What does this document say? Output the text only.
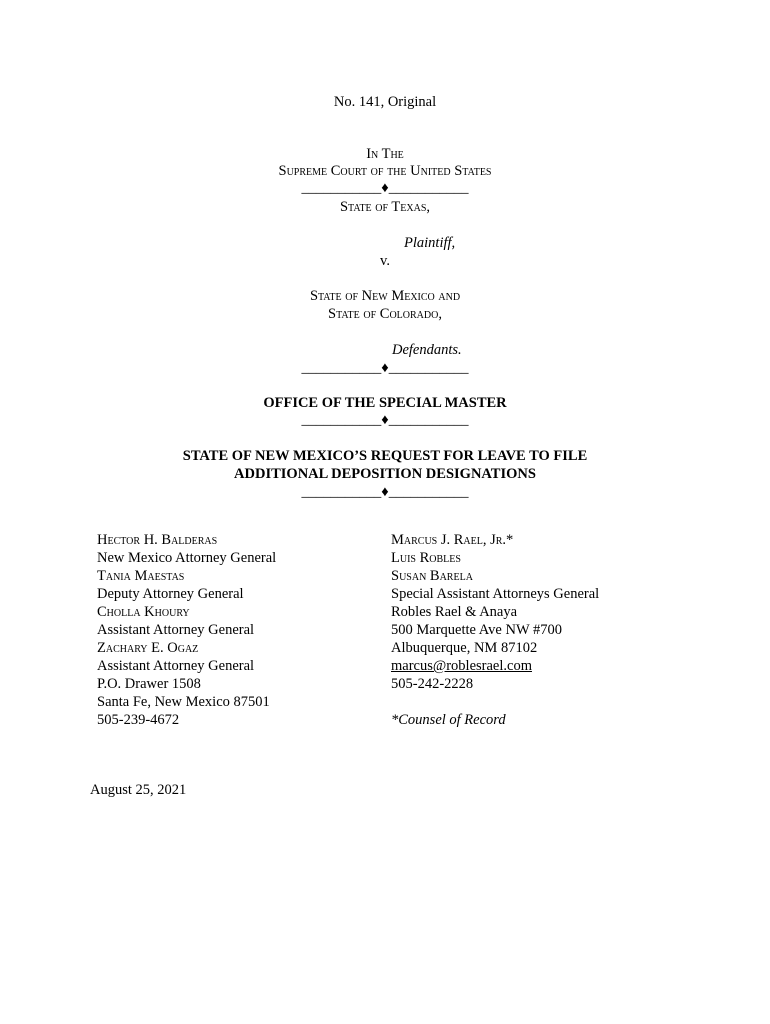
No. 141, Original
In The
Supreme Court of the United States
___________♦___________
State of Texas,
Plaintiff,
v.
State of New Mexico and
State of Colorado,
Defendants.
___________♦___________
OFFICE OF THE SPECIAL MASTER
___________♦___________
STATE OF NEW MEXICO’S REQUEST FOR LEAVE TO FILE
ADDITIONAL DEPOSITION DESIGNATIONS
___________♦___________
Hector H. Balderas
New Mexico Attorney General
Tania Maestas
Deputy Attorney General
Cholla Khoury
Assistant Attorney General
Zachary E. Ogaz
Assistant Attorney General
P.O. Drawer 1508
Santa Fe, New Mexico 87501
505-239-4672
Marcus J. Rael, Jr.*
Luis Robles
Susan Barela
Special Assistant Attorneys General
Robles Rael & Anaya
500 Marquette Ave NW #700
Albuquerque, NM 87102
marcus@roblesrael.com
505-242-2228
*Counsel of Record
August 25, 2021
